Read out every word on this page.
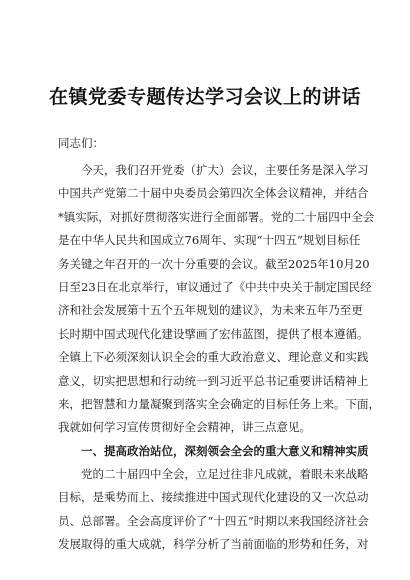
在镇党委专题传达学习会议上的讲话
同志们：
今天，我们召开党委（扩大）会议，主要任务是深入学习
中国共产党第二十届中央委员会第四次全体会议精神，并结合
*镇实际，对抓好贯彻落实进行全面部署。党的二十届四中全会
是在中华人民共和国成立76周年、实现“十四五”规划目标任
务关键之年召开的一次十分重要的会议。截至2025年10月20
日至23日在北京举行，审议通过了《中共中央关于制定国民经
济和社会发展第十五个五年规划的建议》，为未来五年乃至更
长时期中国式现代化建设擘画了宏伟蓝图，提供了根本遵循。
全镇上下必须深刻认识全会的重大政治意义、理论意义和实践
意义，切实把思想和行动统一到习近平总书记重要讲话精神上
来，把智慧和力量凝聚到落实全会确定的目标任务上来。下面，
我就如何学习宣传贯彻好全会精神，讲三点意见。
一、提高政治站位，深刻领会全会的重大意义和精神实质
党的二十届四中全会，立足过往非凡成就，着眼未来战略
目标，是乘势而上、接续推进中国式现代化建设的又一次总动
员、总部署。全会高度评价了“十四五”时期以来我国经济社会
发展取得的重大成就，科学分析了当前面临的形势和任务，对
